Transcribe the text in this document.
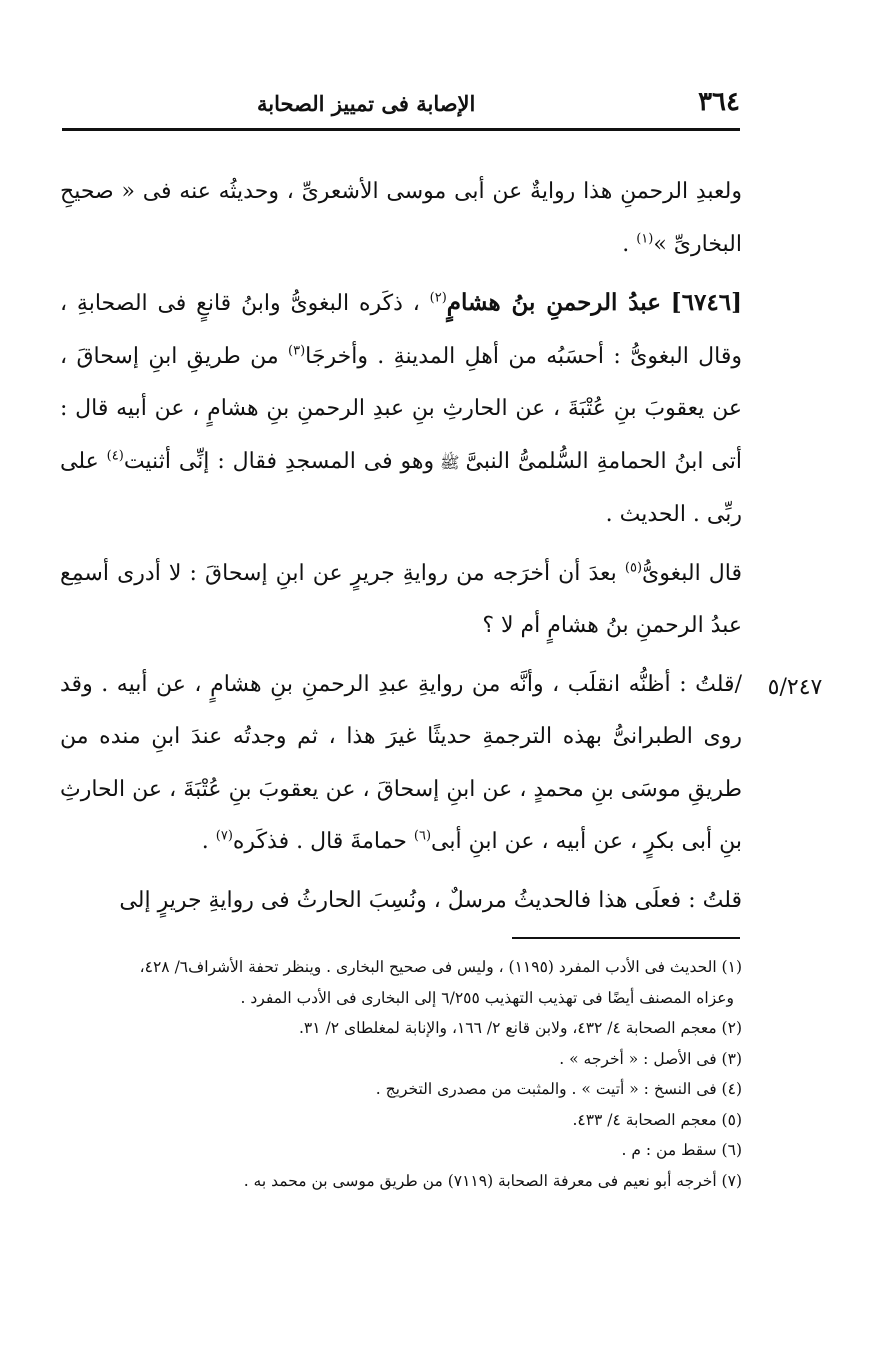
٣٦٤
الإصابة فى تمييز الصحابة
٥/٢٤٧

ولعبدِ الرحمنِ هذا روايةٌ عن أبى موسى الأشعرىِّ ، وحديثُه عنه فى « صحيحِ البخارىِّ »$^{(١)}$ .

[٦٧٤٦] عبدُ الرحمنِ بنُ هشامٍ$^{(٢)}$ ، ذكَره البغوىُّ وابنُ قانعٍ فى الصحابةِ ، وقال البغوىُّ : أحسَبُه من أهلِ المدينةِ . وأخرجَا$^{(٣)}$ من طريقِ ابنِ إسحاقَ ، عن يعقوبَ بنِ عُتْبَةَ ، عن الحارثِ بنِ عبدِ الرحمنِ بنِ هشامٍ ، عن أبيه قال : أتى ابنُ الحمامةِ السُّلمىُّ النبىَّ ﷺ وهو فى المسجدِ فقال : إنِّى أثنيت$^{(٤)}$ على ربِّى . الحديث .

قال البغوىُّ$^{(٥)}$ بعدَ أن أخرَجه من روايةِ جريرٍ عن ابنِ إسحاقَ : لا أدرى أسمِع عبدُ الرحمنِ بنُ هشامٍ أم لا ؟

/قلتُ : أظنُّه انقلَب ، وأنَّه من روايةِ عبدِ الرحمنِ بنِ هشامٍ ، عن أبيه . وقد روى الطبرانىُّ بهذه الترجمةِ حديثًا غيرَ هذا ، ثم وجدتُه عندَ ابنِ منده من طريقِ موسَى بنِ محمدٍ ، عن ابنِ إسحاقَ ، عن يعقوبَ بنِ عُتْبَةَ ، عن الحارثِ بنِ أبى بكرٍ ، عن أبيه ، عن ابنِ أبى$^{(٦)}$ حمامةَ قال . فذكَره$^{(٧)}$ .

قلتُ : فعلَى هذا فالحديثُ مرسلٌ ، ونُسِبَ الحارثُ فى روايةِ جريرٍ إلى

(١) الحديث فى الأدب المفرد (١١٩٥) ، وليس فى صحيح البخارى . وينظر تحفة الأشراف٦/ ٤٢٨،
وعزاه المصنف أيضًا فى تهذيب التهذيب ٦/٢٥٥ إلى البخارى فى الأدب المفرد .
(٢) معجم الصحابة ٤/ ٤٣٢، ولابن قانع ٢/ ١٦٦، والإنابة لمغلطاى ٢/ ٣١.
(٣) فى الأصل : « أخرجه » .
(٤) فى النسخ : « أتيت » . والمثبت من مصدرى التخريج .
(٥) معجم الصحابة ٤/ ٤٣٣.
(٦) سقط من : م .
(٧) أخرجه أبو نعيم فى معرفة الصحابة (٧١١٩) من طريق موسى بن محمد به .
